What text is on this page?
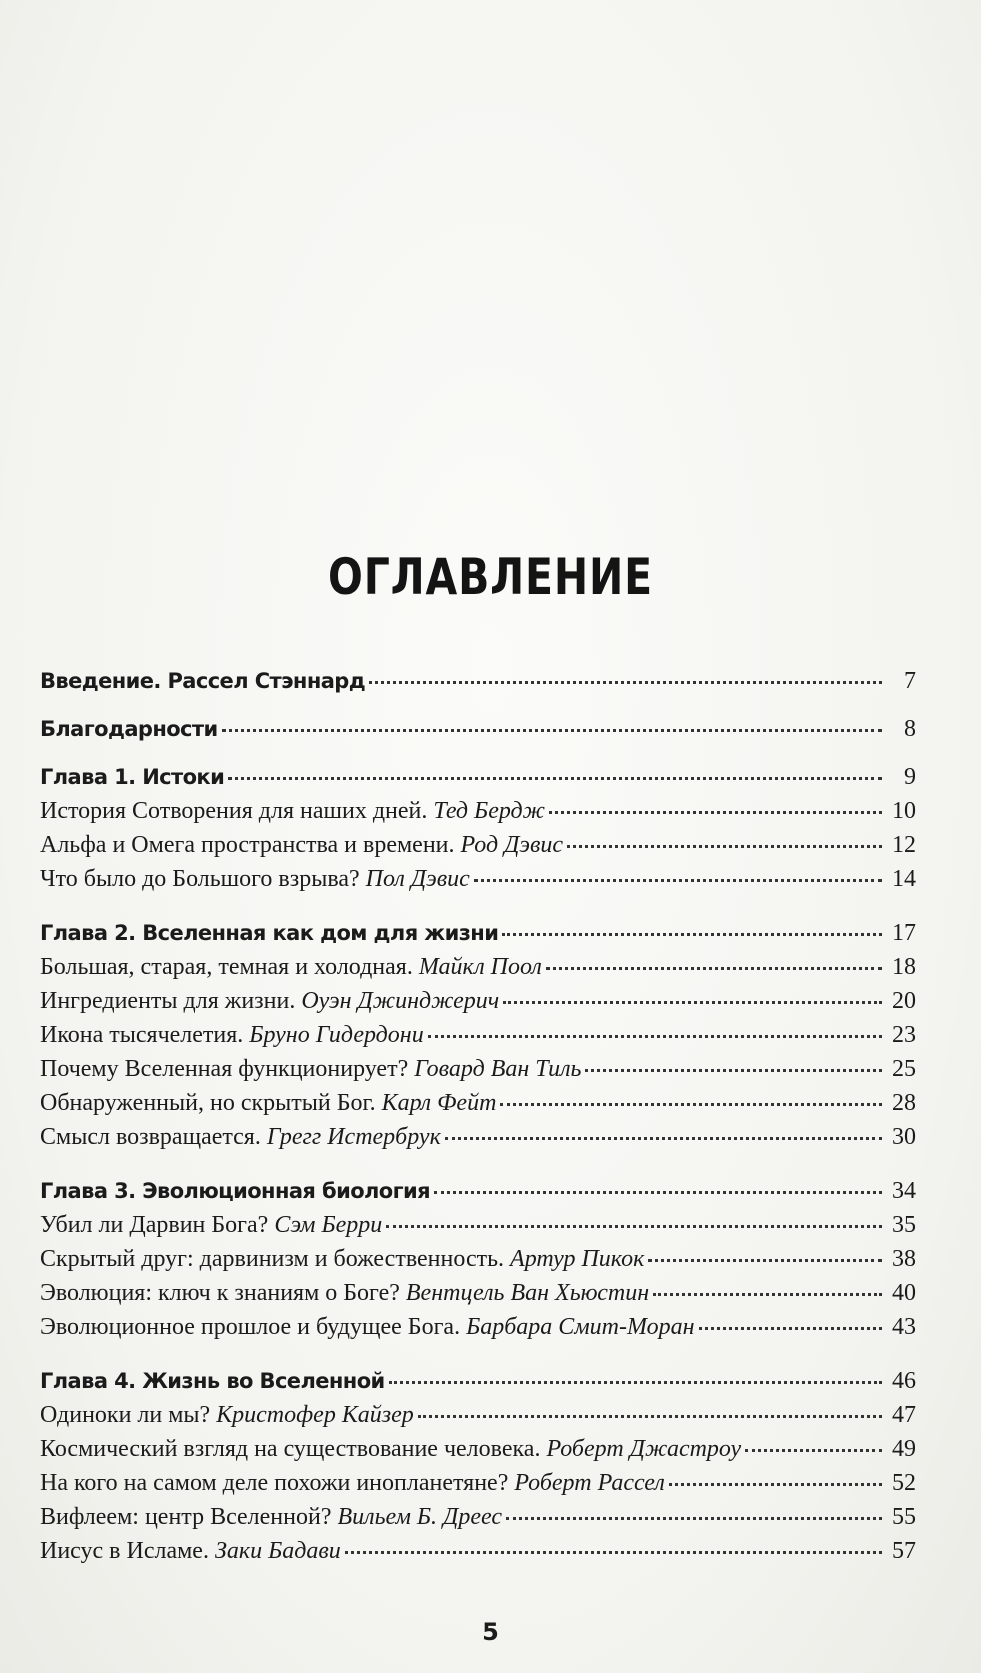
ОГЛАВЛЕНИЕ
Введение. Рассел Стэннард	7
Благодарности	8
Глава 1. Истоки	9
История Сотворения для наших дней. Тед Бердж	10
Альфа и Омега пространства и времени. Род Дэвис	12
Что было до Большого взрыва? Пол Дэвис	14
Глава 2. Вселенная как дом для жизни	17
Большая, старая, темная и холодная. Майкл Поол	18
Ингредиенты для жизни. Оуэн Джинджерич	20
Икона тысячелетия. Бруно Гидердони	23
Почему Вселенная функционирует? Говард Ван Тиль	25
Обнаруженный, но скрытый Бог. Карл Фейт	28
Смысл возвращается. Грегг Истербрук	30
Глава 3. Эволюционная биология	34
Убил ли Дарвин Бога? Сэм Берри	35
Скрытый друг: дарвинизм и божественность. Артур Пикок	38
Эволюция: ключ к знаниям о Боге? Вентцель Ван Хьюстин	40
Эволюционное прошлое и будущее Бога. Барбара Смит-Моран	43
Глава 4. Жизнь во Вселенной	46
Одиноки ли мы? Кристофер Кайзер	47
Космический взгляд на существование человека. Роберт Джастроу	49
На кого на самом деле похожи инопланетяне? Роберт Рассел	52
Вифлеем: центр Вселенной? Вильем Б. Дреес	55
Иисус в Исламе. Заки Бадави	57
5
